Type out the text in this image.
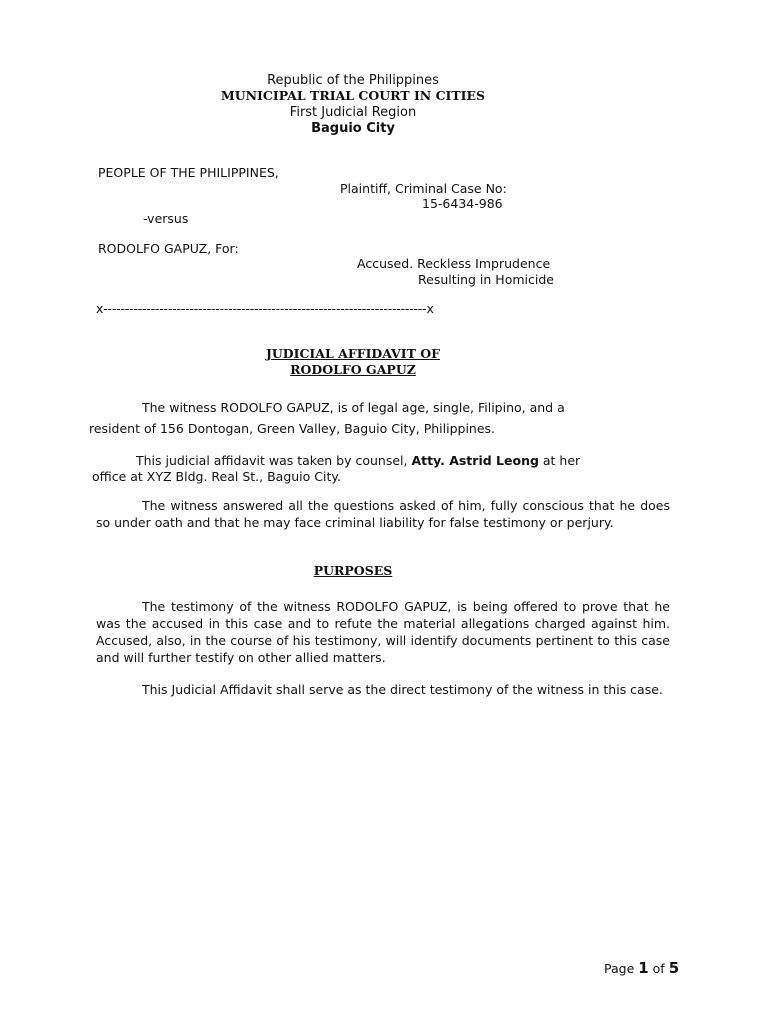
Republic of the Philippines
MUNICIPAL TRIAL COURT IN CITIES
First Judicial Region
Baguio City
PEOPLE OF THE PHILIPPINES,
Plaintiff, Criminal Case No:
15-6434-986
-versus
RODOLFO GAPUZ, For:
Accused. Reckless Imprudence
Resulting in Homicide
x---------------------------------------------------------------------------x
JUDICIAL AFFIDAVIT OF
RODOLFO GAPUZ
The witness RODOLFO GAPUZ, is of legal age, single, Filipino, and a
resident of 156 Dontogan, Green Valley, Baguio City, Philippines.
This judicial affidavit was taken by counsel, Atty. Astrid Leong at her
office at XYZ Bldg. Real St., Baguio City.
The witness answered all the questions asked of him, fully conscious that he does so under oath and that he may face criminal liability for false testimony or perjury.
PURPOSES
The testimony of the witness RODOLFO GAPUZ, is being offered to prove that he was the accused in this case and to refute the material allegations charged against him. Accused, also, in the course of his testimony, will identify documents pertinent to this case and will further testify on other allied matters.
This Judicial Affidavit shall serve as the direct testimony of the witness in this case.
Page 1 of 5
